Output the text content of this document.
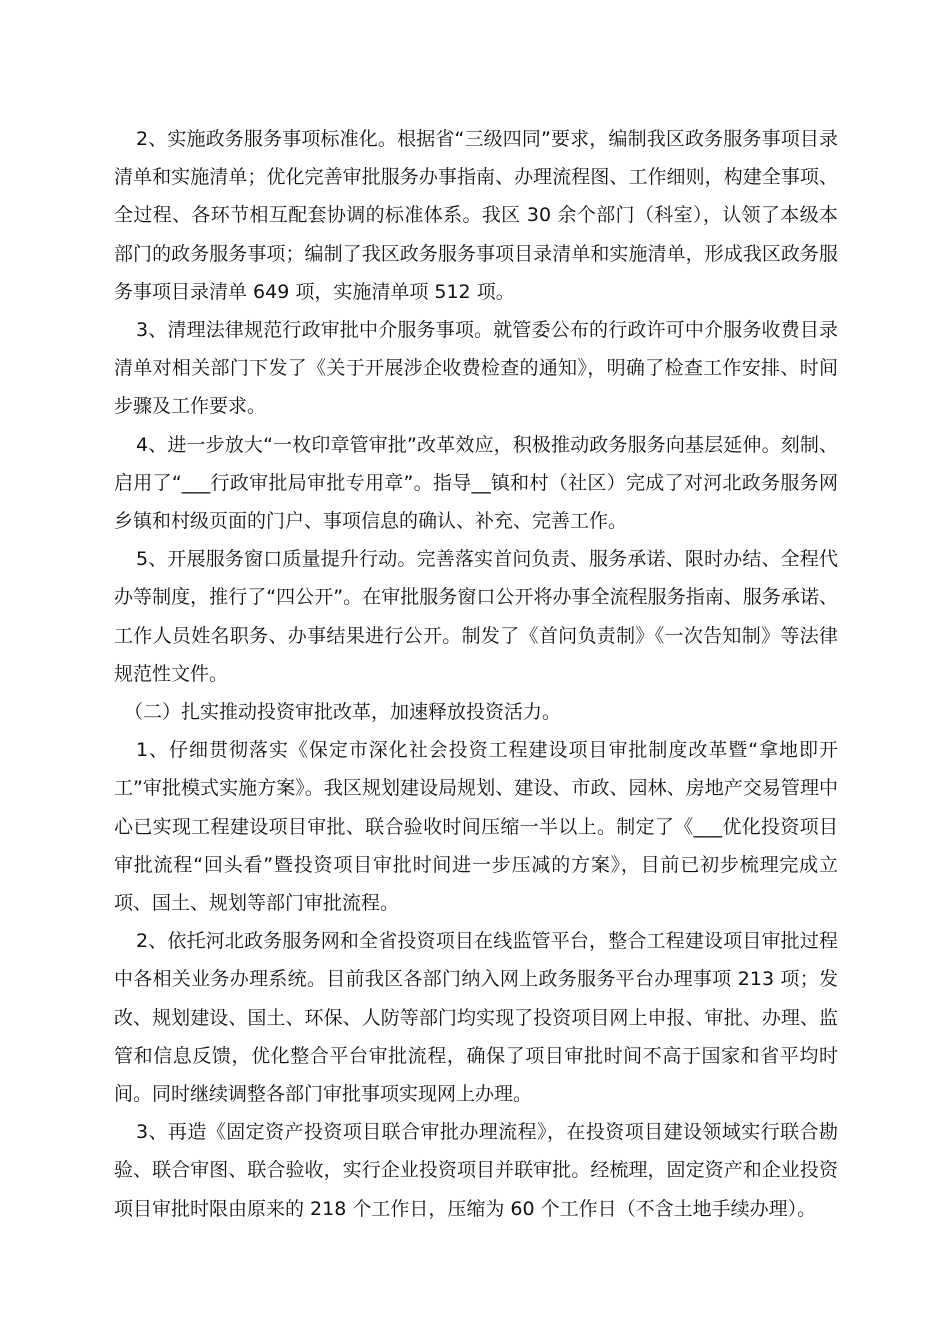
2、实施政务服务事项标准化。根据省“三级四同”要求，编制我区政务服务事项目录清单和实施清单；优化完善审批服务办事指南、办理流程图、工作细则，构建全事项、全过程、各环节相互配套协调的标准体系。我区 30 余个部门（科室），认领了本级本部门的政务服务事项；编制了我区政务服务事项目录清单和实施清单，形成我区政务服务事项目录清单 649 项，实施清单项 512 项。

3、清理法律规范行政审批中介服务事项。就管委公布的行政许可中介服务收费目录清单对相关部门下发了《关于开展涉企收费检查的通知》，明确了检查工作安排、时间步骤及工作要求。

4、进一步放大“一枚印章管审批”改革效应，积极推动政务服务向基层延伸。刻制、启用了“___行政审批局审批专用章”。指导__镇和村（社区）完成了对河北政务服务网乡镇和村级页面的门户、事项信息的确认、补充、完善工作。

5、开展服务窗口质量提升行动。完善落实首问负责、服务承诺、限时办结、全程代办等制度，推行了“四公开”。在审批服务窗口公开将办事全流程服务指南、服务承诺、工作人员姓名职务、办事结果进行公开。制发了《首问负责制》《一次告知制》等法律规范性文件。

（二）扎实推动投资审批改革，加速释放投资活力。

1、仔细贯彻落实《保定市深化社会投资工程建设项目审批制度改革暨“拿地即开工”审批模式实施方案》。我区规划建设局规划、建设、市政、园林、房地产交易管理中心已实现工程建设项目审批、联合验收时间压缩一半以上。制定了《___优化投资项目审批流程“回头看”暨投资项目审批时间进一步压减的方案》，目前已初步梳理完成立项、国土、规划等部门审批流程。

2、依托河北政务服务网和全省投资项目在线监管平台，整合工程建设项目审批过程中各相关业务办理系统。目前我区各部门纳入网上政务服务平台办理事项 213 项；发改、规划建设、国土、环保、人防等部门均实现了投资项目网上申报、审批、办理、监管和信息反馈，优化整合平台审批流程，确保了项目审批时间不高于国家和省平均时间。同时继续调整各部门审批事项实现网上办理。

3、再造《固定资产投资项目联合审批办理流程》，在投资项目建设领域实行联合勘验、联合审图、联合验收，实行企业投资项目并联审批。经梳理，固定资产和企业投资项目审批时限由原来的 218 个工作日，压缩为 60 个工作日（不含土地手续办理）。
